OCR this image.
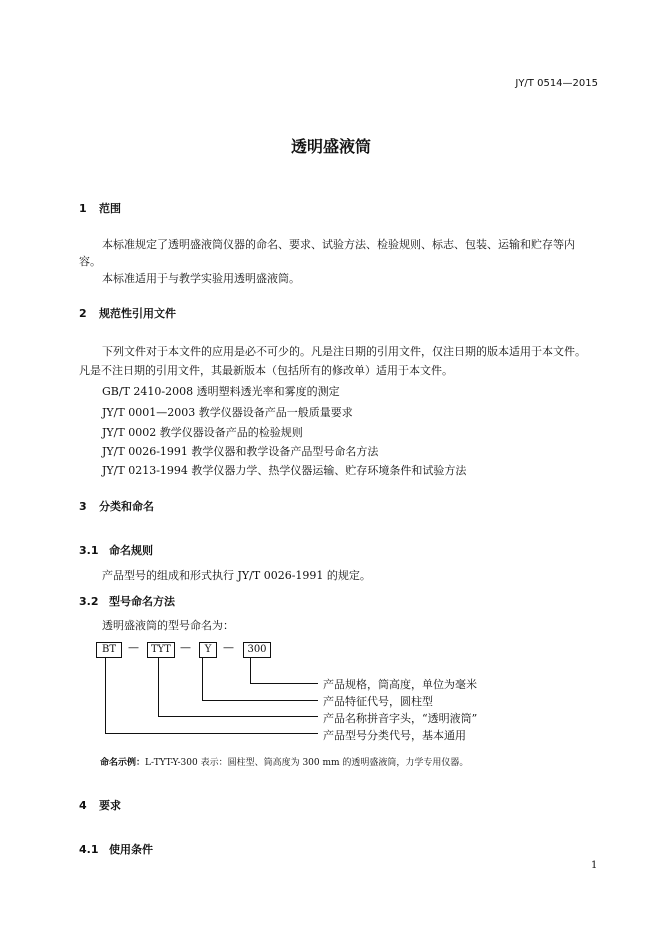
JY/T 0514—2015
透明盛液筒
1 范围
本标准规定了透明盛液筒仪器的命名、要求、试验方法、检验规则、标志、包装、运输和贮存等内
容。
本标准适用于与教学实验用透明盛液筒。
2 规范性引用文件
下列文件对于本文件的应用是必不可少的。凡是注日期的引用文件，仅注日期的版本适用于本文件。
凡是不注日期的引用文件，其最新版本（包括所有的修改单）适用于本文件。
GB/T 2410-2008 透明塑料透光率和雾度的测定
JY/T 0001—2003 教学仪器设备产品一般质量要求
JY/T 0002 教学仪器设备产品的检验规则
JY/T 0026-1991 教学仪器和教学设备产品型号命名方法
JY/T 0213-1994 教学仪器力学、热学仪器运输、贮存环境条件和试验方法
3 分类和命名
3.1 命名规则
产品型号的组成和形式执行 JY/T 0026-1991 的规定。
3.2 型号命名方法
透明盛液筒的型号命名为：
BT	—	TYT —	Y	—	300
产品规格，筒高度，单位为毫米
产品特征代号，圆柱型
产品名称拼音字头，“透明液筒”
产品型号分类代号，基本通用
命名示例：L-TYT-Y-300 表示：圆柱型、筒高度为 300 mm 的透明盛液筒，力学专用仪器。
4 要求
4.1 使用条件
1
